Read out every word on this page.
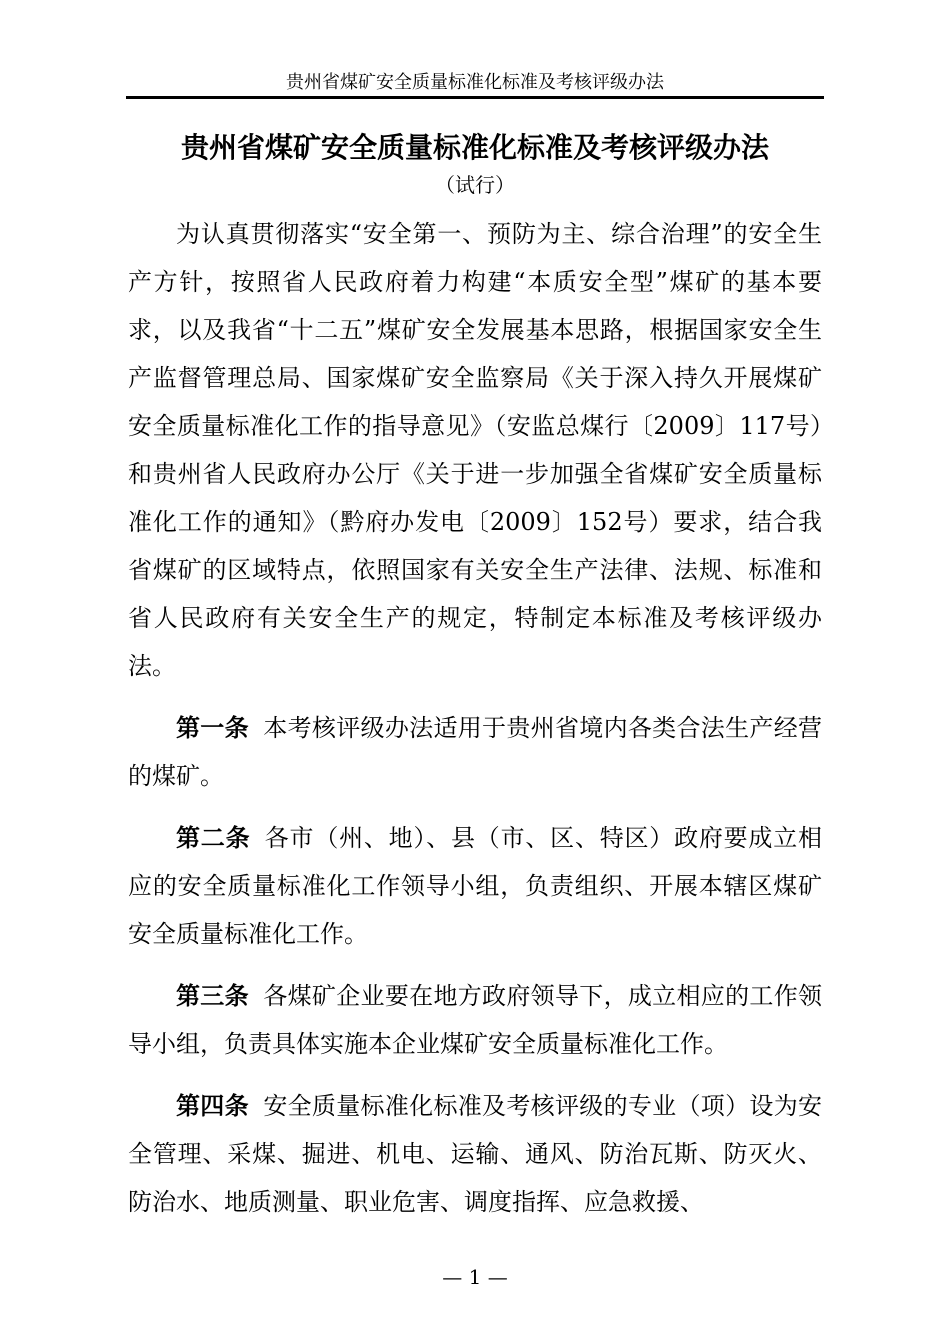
贵州省煤矿安全质量标准化标准及考核评级办法
贵州省煤矿安全质量标准化标准及考核评级办法
（试行）

为认真贯彻落实“安全第一、预防为主、综合治理”的安全生产方针，按照省人民政府着力构建“本质安全型”煤矿的基本要求，以及我省“十二五”煤矿安全发展基本思路，根据国家安全生产监督管理总局、国家煤矿安全监察局《关于深入持久开展煤矿安全质量标准化工作的指导意见》（安监总煤行〔2009〕117号）和贵州省人民政府办公厅《关于进一步加强全省煤矿安全质量标准化工作的通知》（黔府办发电〔2009〕152号）要求，结合我省煤矿的区域特点，依照国家有关安全生产法律、法规、标准和省人民政府有关安全生产的规定，特制定本标准及考核评级办法。

第一条 本考核评级办法适用于贵州省境内各类合法生产经营的煤矿。

第二条 各市（州、地）、县（市、区、特区）政府要成立相应的安全质量标准化工作领导小组，负责组织、开展本辖区煤矿安全质量标准化工作。

第三条 各煤矿企业要在地方政府领导下，成立相应的工作领导小组，负责具体实施本企业煤矿安全质量标准化工作。

第四条 安全质量标准化标准及考核评级的专业（项）设为安全管理、采煤、掘进、机电、运输、通风、防治瓦斯、防灭火、防治水、地质测量、职业危害、调度指挥、应急救援、

— 1 —
